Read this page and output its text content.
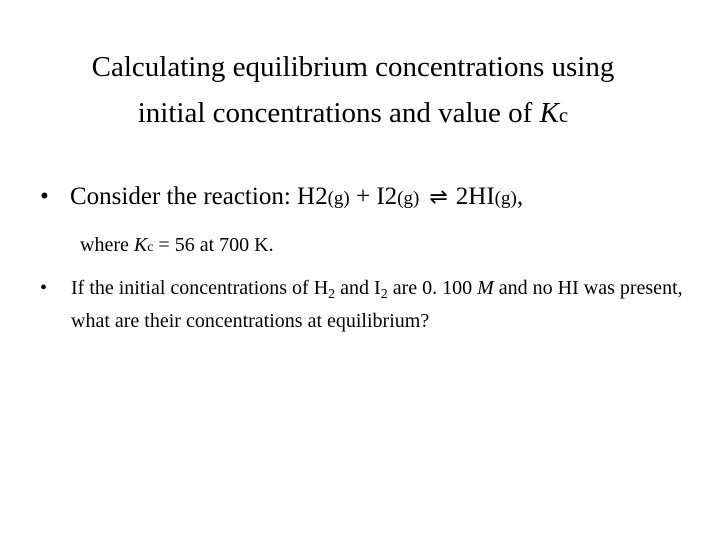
Calculating equilibrium concentrations using
initial concentrations and value of Kc
• Consider the reaction: H2(g) + I2(g) ⇌ 2HI(g),
where Kc = 56 at 700 K.
• If the initial concentrations of $H_2$ and $I_2$ are 0. 100 M and no HI was present, what are their concentrations at equilibrium?
